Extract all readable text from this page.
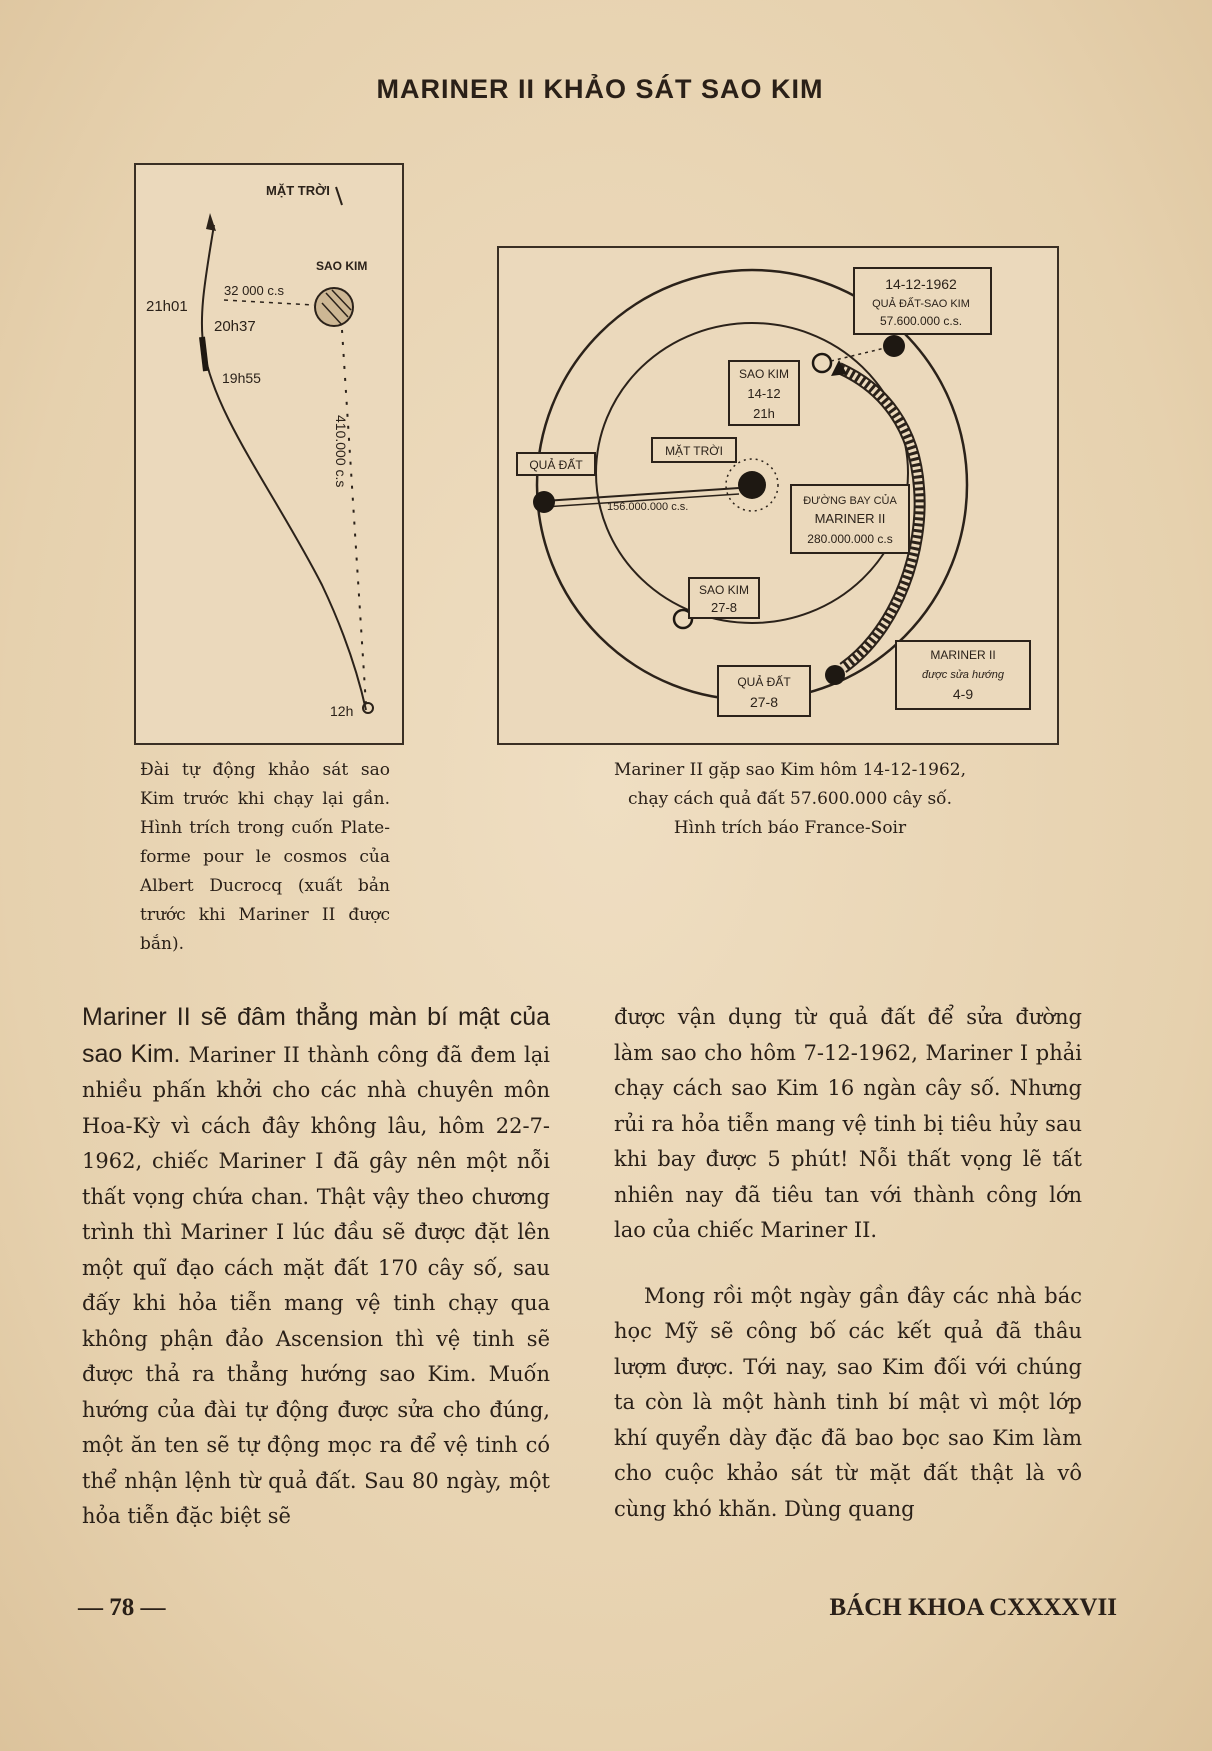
MARINER II KHẢO SÁT SAO KIM
MẶT TRỜI
SAO KIM
21h01
32 000 c.s
20h37
19h55
410.000 c.s
12h
14-12-1962
QUẢ ĐẤT-SAO KIM
57.600.000 c.s.
SAO KIM
14-12
21h
MẶT TRỜI
QUẢ ĐẤT
156.000.000 c.s.	ĐƯỜNG BAY CỦA
MARINER II
280.000.000 c.s
SAO KIM
27-8
QUẢ ĐẤT
27-8
MARINER II
được sửa hướng
4-9

Đài tự động khảo sát sao Kim trước khi chạy lại gần. Hình trích trong cuốn Plate-forme pour le cosmos của Albert Ducrocq (xuất bản trước khi Mariner II được bắn).

Mariner II gặp sao Kim hôm 14-12-1962,
chạy cách quả đất 57.600.000 cây số.
Hình trích báo France-Soir

Mariner II sẽ đâm thẳng màn bí mật của sao Kim. Mariner II thành công đã đem lại nhiều phấn khởi cho các nhà chuyên môn Hoa-Kỳ vì cách đây không lâu, hôm 22-7-1962, chiếc Mariner I đã gây nên một nỗi thất vọng chứa chan. Thật vậy theo chương trình thì Mariner I lúc đầu sẽ được đặt lên một quĩ đạo cách mặt đất 170 cây số, sau đấy khi hỏa tiễn mang vệ tinh chạy qua không phận đảo Ascension thì vệ tinh sẽ được thả ra thẳng hướng sao Kim. Muốn hướng của đài tự động được sửa cho đúng, một ăn ten sẽ tự động mọc ra để vệ tinh có thể nhận lệnh từ quả đất. Sau 80 ngày, một hỏa tiễn đặc biệt sẽ

được vận dụng từ quả đất để sửa đường làm sao cho hôm 7-12-1962, Mariner I phải chạy cách sao Kim 16 ngàn cây số. Nhưng rủi ra hỏa tiễn mang vệ tinh bị tiêu hủy sau khi bay được 5 phút! Nỗi thất vọng lẽ tất nhiên nay đã tiêu tan với thành công lớn lao của chiếc Mariner II.

Mong rồi một ngày gần đây các nhà bác học Mỹ sẽ công bố các kết quả đã thâu lượm được. Tới nay, sao Kim đối với chúng ta còn là một hành tinh bí mật vì một lớp khí quyển dày đặc đã bao bọc sao Kim làm cho cuộc khảo sát từ mặt đất thật là vô cùng khó khăn. Dùng quang

— 78 —	BÁCH KHOA CXXXXVII
